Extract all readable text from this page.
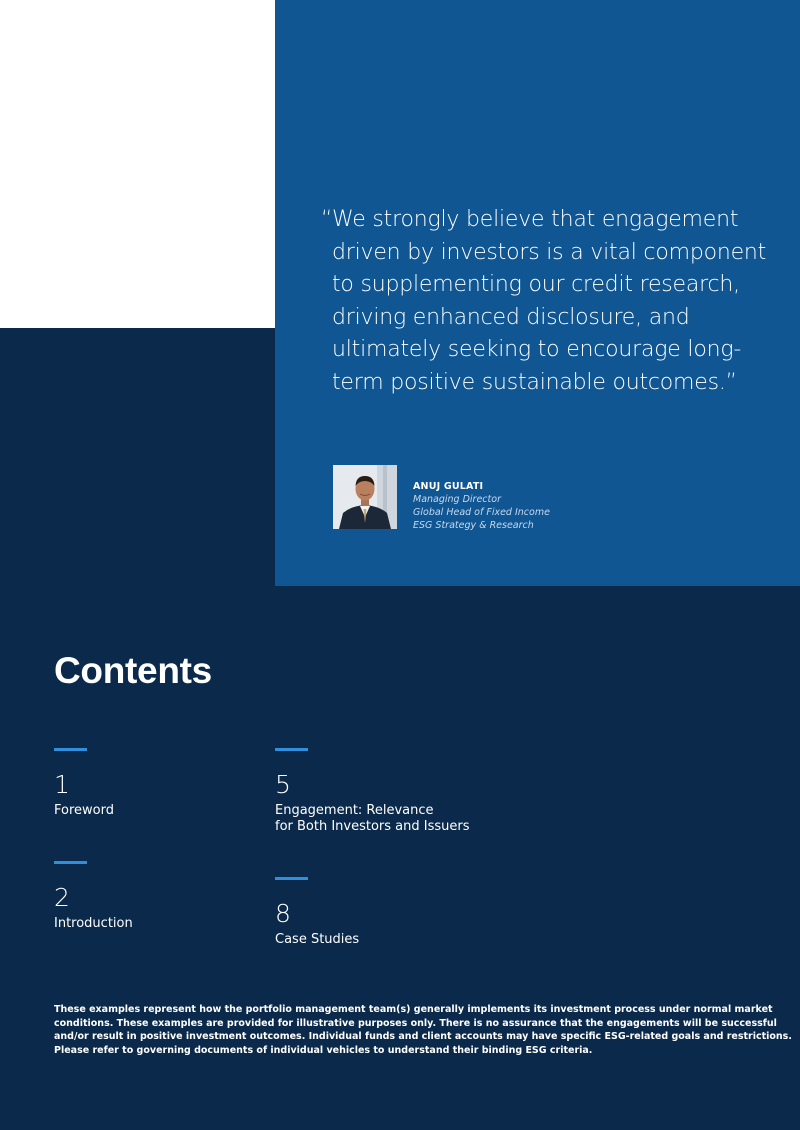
“ We strongly believe that engagement
driven by investors is a vital component
to supplementing our credit research,
driving enhanced disclosure, and
ultimately seeking to encourage long-
term positive sustainable outcomes.”
ANUJ GULATI
Managing Director
Global Head of Fixed Income
ESG Strategy & Research
Contents
1
Foreword
5
Engagement: Relevance
for Both Investors and Issuers
2
Introduction	8
Case Studies
These examples represent how the portfolio management team(s) generally implements its investment process under normal market
conditions. These examples are provided for illustrative purposes only. There is no assurance that the engagements will be successful
and/or result in positive investment outcomes. Individual funds and client accounts may have specific ESG-related goals and restrictions.
Please refer to governing documents of individual vehicles to understand their binding ESG criteria.
